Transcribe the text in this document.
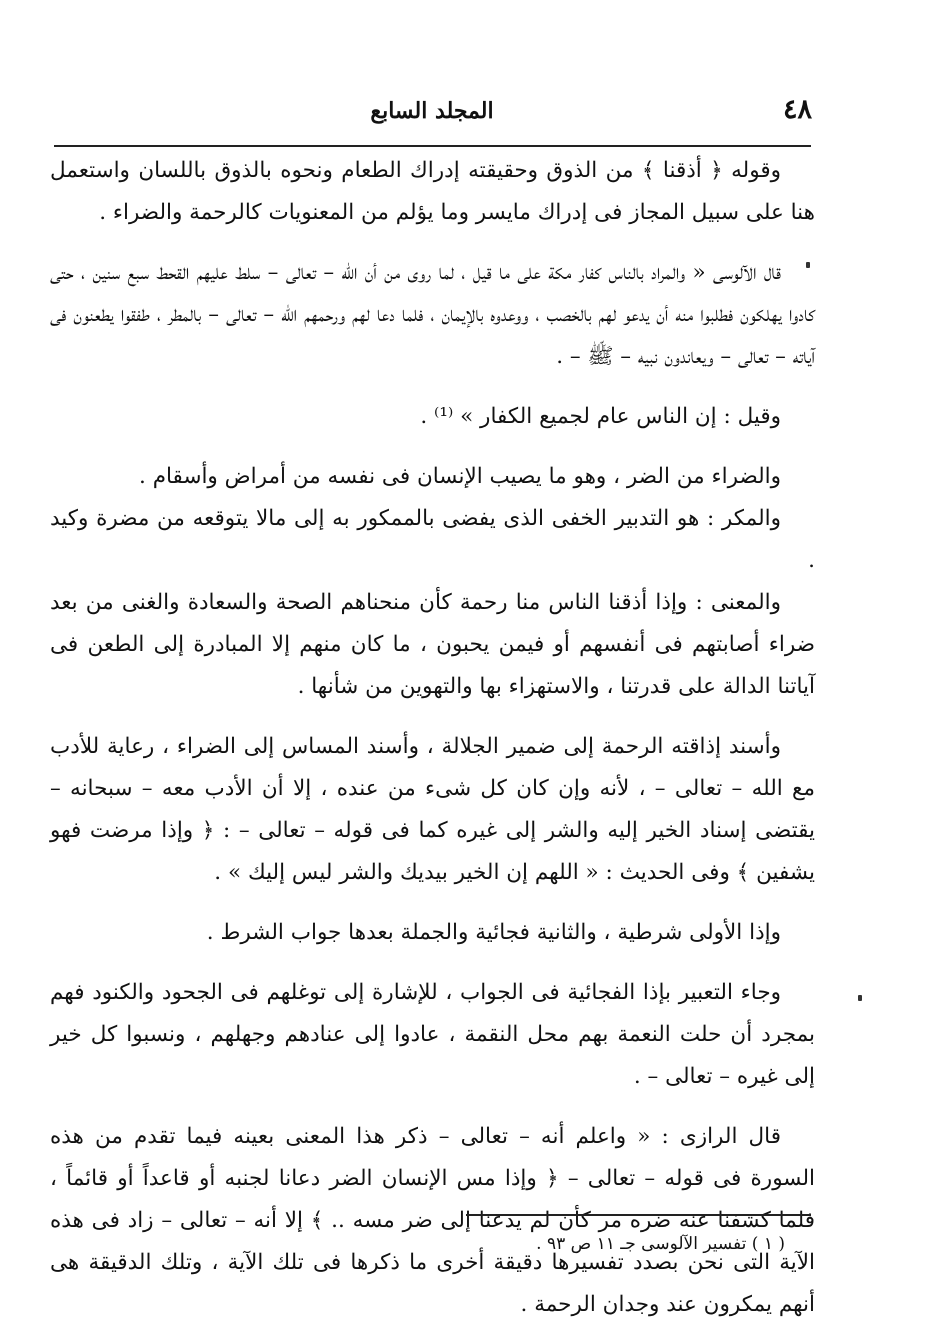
٤٨
المجلد السابع

وقوله ﴿ أذقنا ﴾ من الذوق وحقيقته إدراك الطعام ونحوه بالذوق باللسان واستعمل هنا على سبيل المجاز فى إدراك مايسر وما يؤلم من المعنويات كالرحمة والضراء .

قال الآلوسى « والمراد بالناس كفار مكة على ما قيل ، لما روى من أن الله – تعالى – سلط عليهم القحط سبع سنين ، حتى كادوا يهلكون فطلبوا منه أن يدعو لهم بالخصب ، ووعدوه بالإيمان ، فلما دعا لهم ورحمهم الله – تعالى – بالمطر ، طفقوا يطعنون فى آياته – تعالى – ويعاندون نبيه – ﷺ – .

وقيل : إن الناس عام لجميع الكفار » ⁽¹⁾ .

والضراء من الضر ، وهو ما يصيب الإنسان فى نفسه من أمراض وأسقام .

والمكر : هو التدبير الخفى الذى يفضى بالممكور به إلى مالا يتوقعه من مضرة وكيد .

والمعنى : وإذا أذقنا الناس منا رحمة كأن منحناهم الصحة والسعادة والغنى من بعد ضراء أصابتهم فى أنفسهم أو فيمن يحبون ، ما كان منهم إلا المبادرة إلى الطعن فى آياتنا الدالة على قدرتنا ، والاستهزاء بها والتهوين من شأنها .

وأسند إذاقته الرحمة إلى ضمير الجلالة ، وأسند المساس إلى الضراء ، رعاية للأدب مع الله – تعالى – ، لأنه وإن كان كل شىء من عنده ، إلا أن الأدب معه – سبحانه – يقتضى إسناد الخير إليه والشر إلى غيره كما فى قوله – تعالى – : ﴿ وإذا مرضت فهو يشفين ﴾ وفى الحديث : « اللهم إن الخير بيديك والشر ليس إليك » .

وإذا الأولى شرطية ، والثانية فجائية والجملة بعدها جواب الشرط .

وجاء التعبير بإذا الفجائية فى الجواب ، للإشارة إلى توغلهم فى الجحود والكنود فهم بمجرد أن حلت النعمة بهم محل النقمة ، عادوا إلى عنادهم وجهلهم ، ونسبوا كل خير إلى غيره – تعالى – .

قال الرازى : « واعلم أنه – تعالى – ذكر هذا المعنى بعينه فيما تقدم من هذه السورة فى قوله – تعالى – ﴿ وإذا مس الإنسان الضر دعانا لجنبه أو قاعداً أو قائماً ، فلما كشفنا عنه ضره مر كأن لم يدعنا إلى ضر مسه .. ﴾ إلا أنه – تعالى – زاد فى هذه الآية التى نحن بصدد تفسيرها دقيقة أخرى ما ذكرها فى تلك الآية ، وتلك الدقيقة هى أنهم يمكرون عند وجدان الرحمة .

( ١ ) تفسير الآلوسى جـ ١١ ص ٩٣ .
